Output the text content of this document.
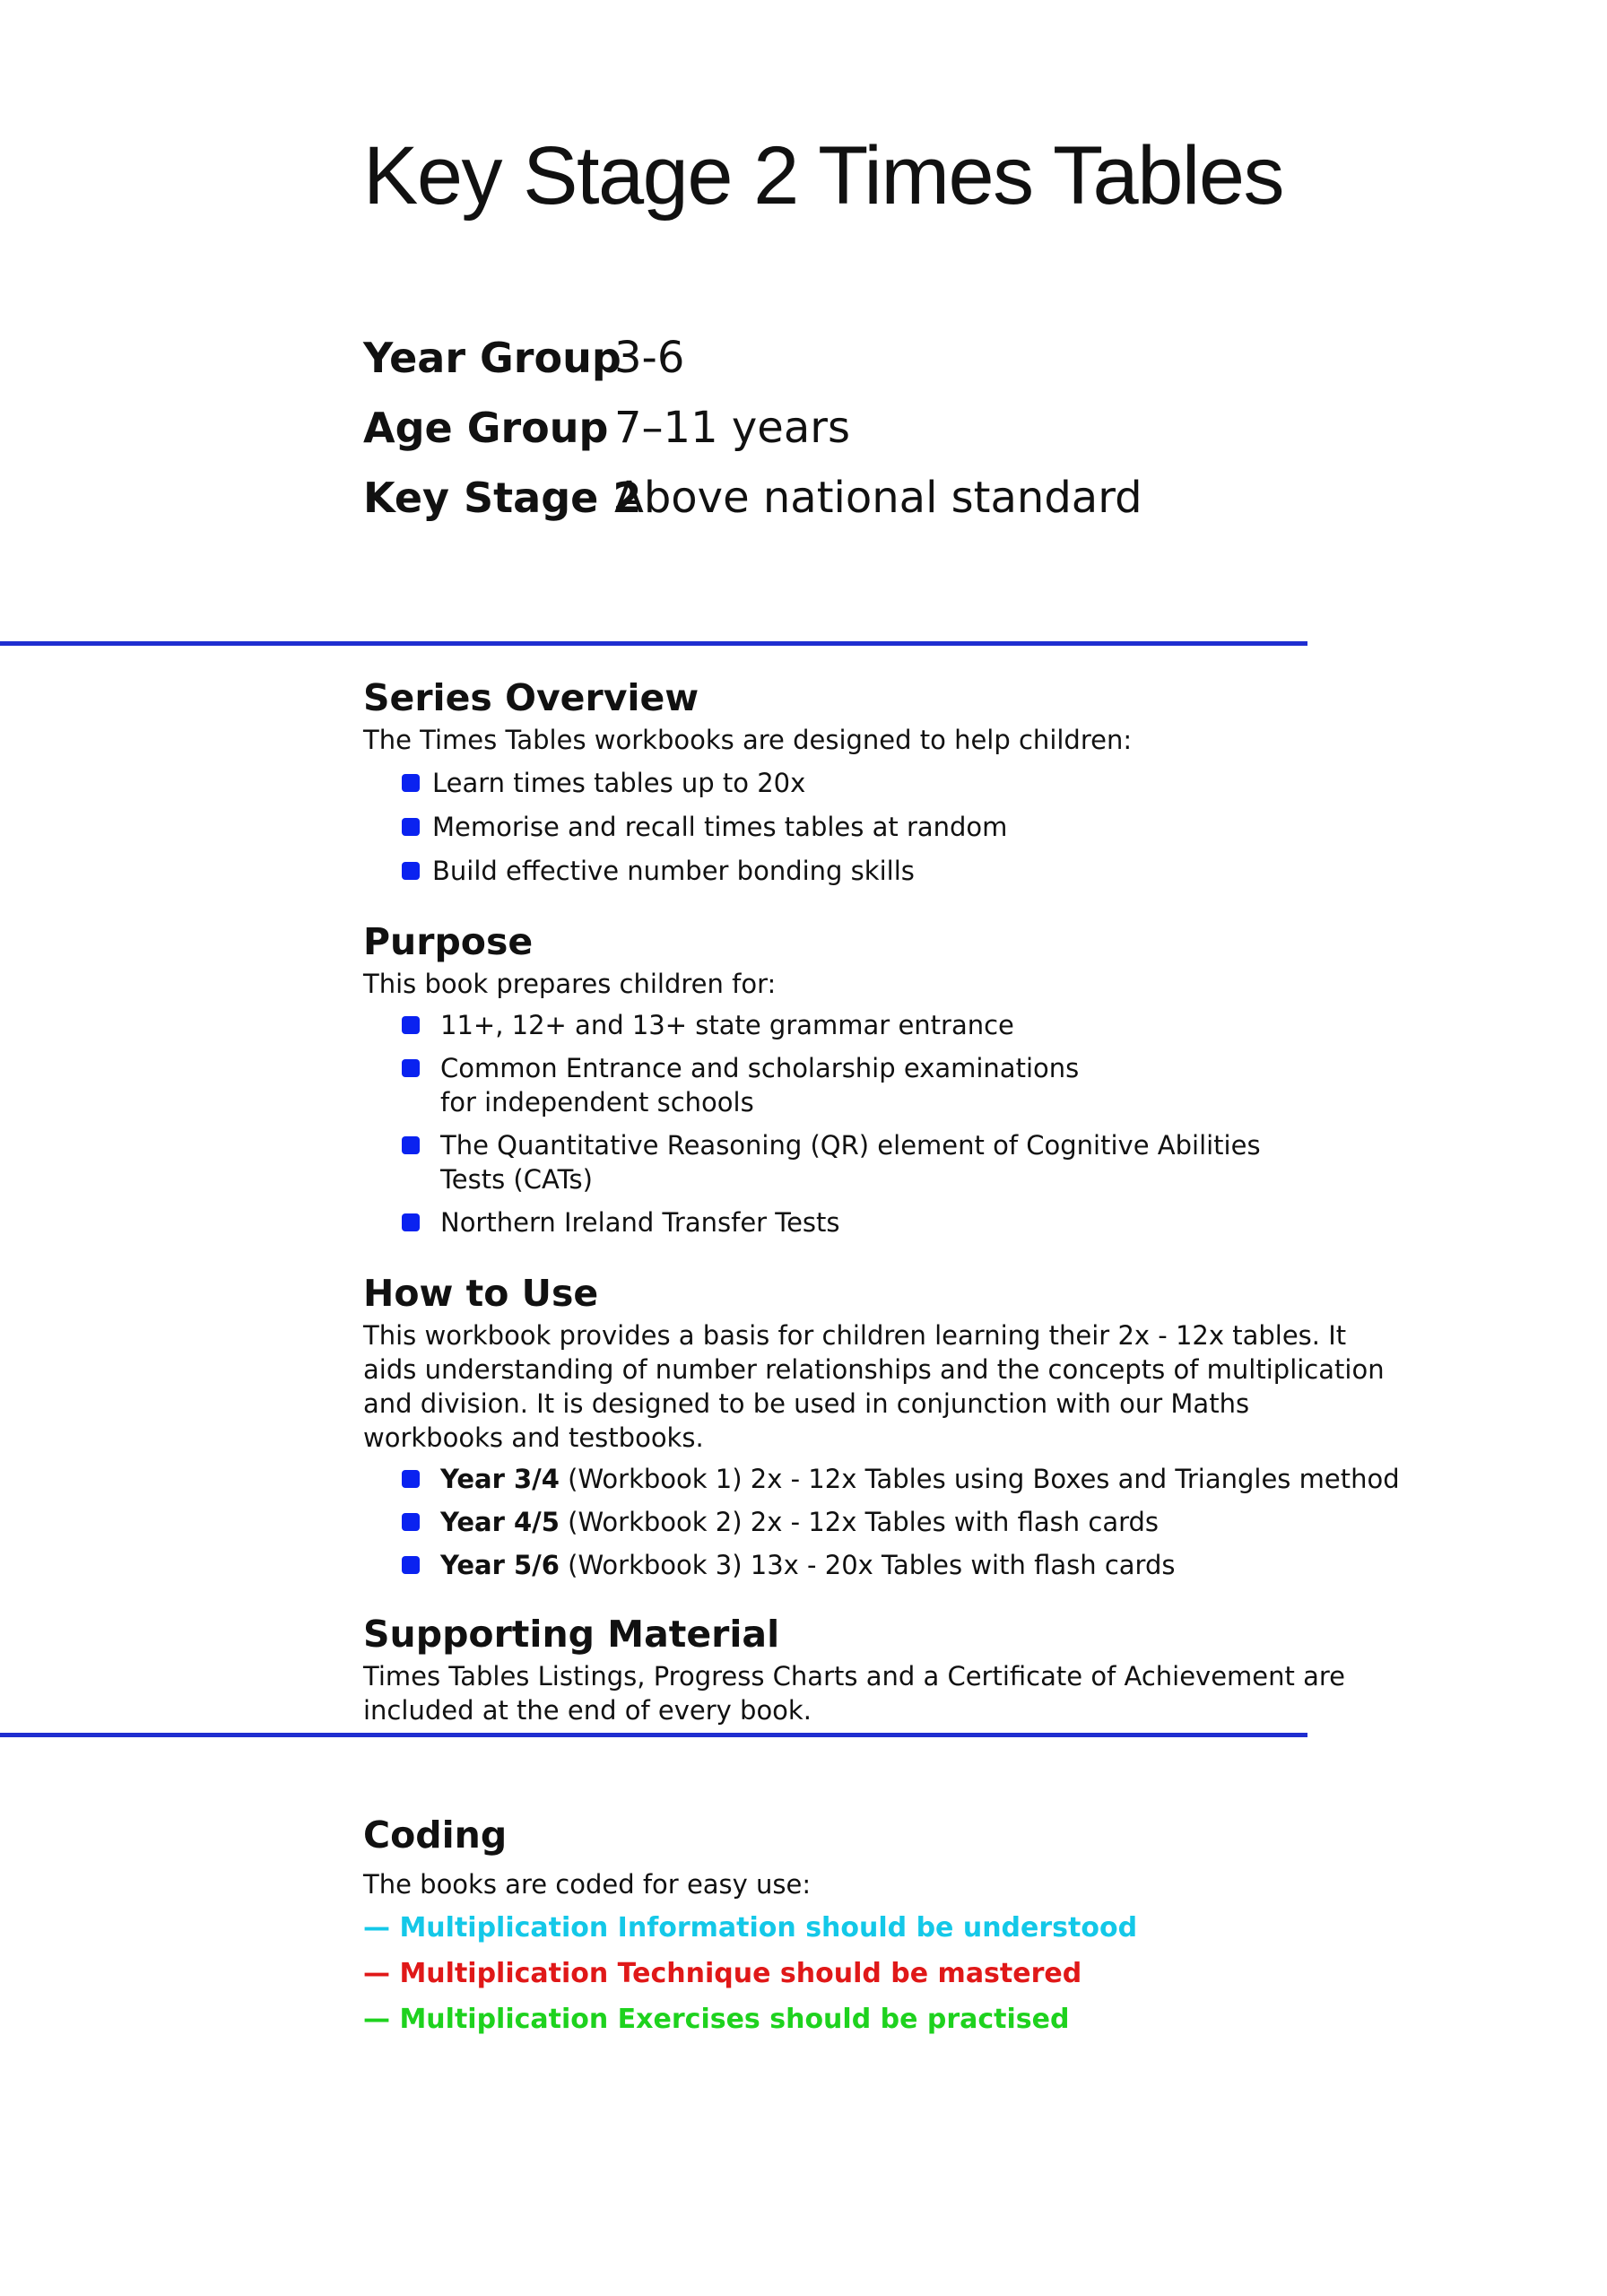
Key Stage 2 Times Tables
Year Group
3-6
Age Group 7–11 years
Key Stage 2
Above national standard
Series Overview

The Times Tables workbooks are designed to help children:

Learn times tables up to 20x
Memorise and recall times tables at random
Build effective number bonding skills
Purpose

This book prepares children for:

11+, 12+ and 13+ state grammar entrance
Common Entrance and scholarship examinations
for independent schools
The Quantitative Reasoning (QR) element of Cognitive Abilities
Tests (CATs)
Northern Ireland Transfer Tests
How to Use
This workbook provides a basis for children learning their 2x - 12x tables. It
aids understanding of number relationships and the concepts of multiplication
and division. It is designed to be used in conjunction with our Maths
workbooks and testbooks.
Year 3/4 (Workbook 1) 2x - 12x Tables using Boxes and Triangles method
Year 4/5 (Workbook 2) 2x - 12x Tables with flash cards
Year 5/6 (Workbook 3) 13x - 20x Tables with flash cards
Supporting Material
Times Tables Listings, Progress Charts and a Certificate of Achievement are
included at the end of every book.
Coding

The books are coded for easy use:

— Multiplication Information should be understood
— Multiplication Technique should be mastered
— Multiplication Exercises should be practised
